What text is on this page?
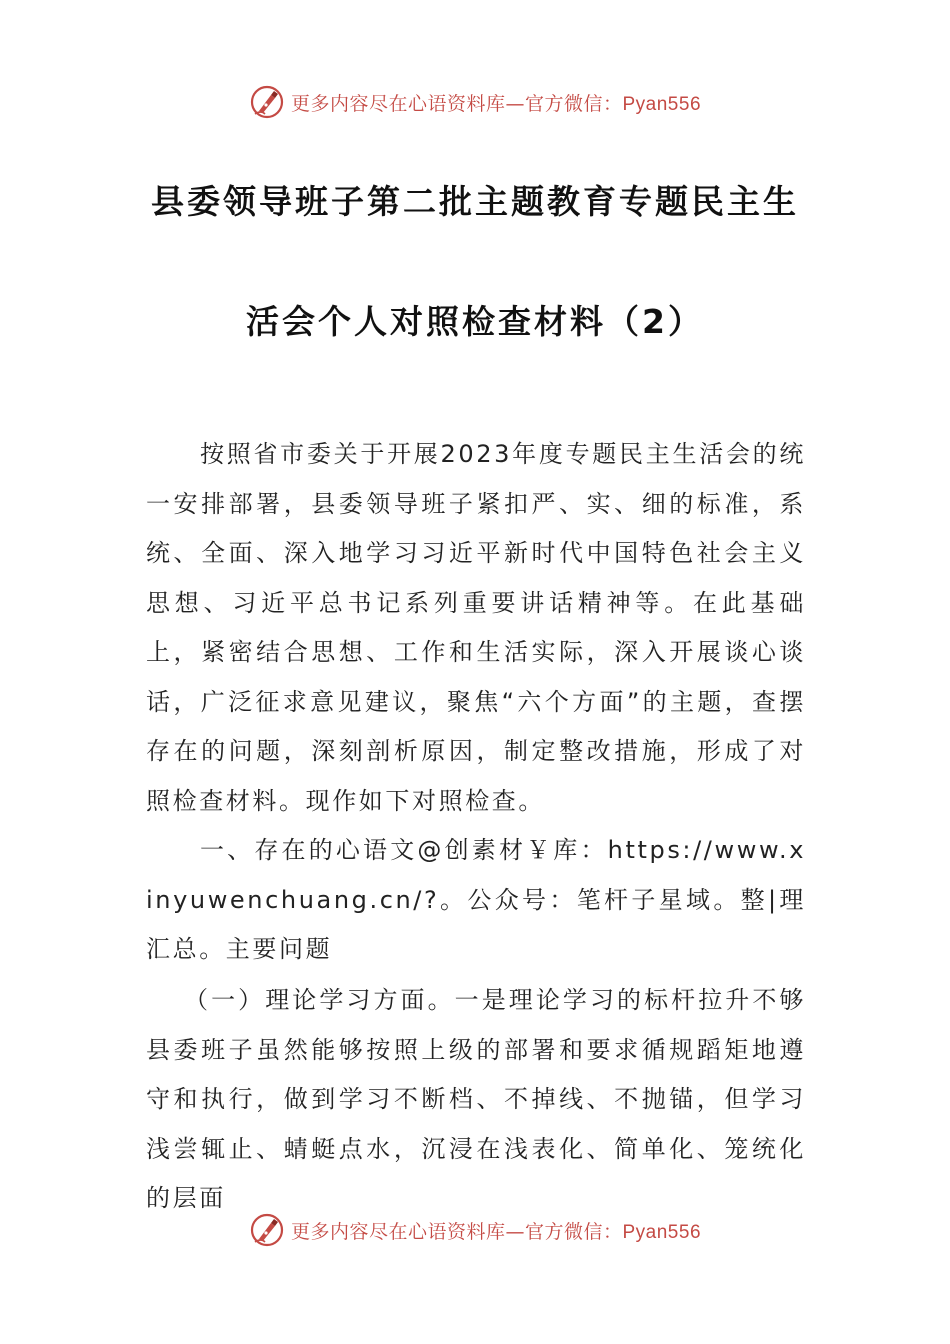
更多内容尽在心语资料库—官方微信：Pyan556
县委领导班子第二批主题教育专题民主生
活会个人对照检查材料（2）

按照省市委关于开展2023年度专题民主生活会的统一安排部署，县委领导班子紧扣严、实、细的标准，系统、全面、深入地学习习近平新时代中国特色社会主义思想、习近平总书记系列重要讲话精神等。在此基础上，紧密结合思想、工作和生活实际，深入开展谈心谈话，广泛征求意见建议，聚焦“六个方面”的主题，查摆存在的问题，深刻剖析原因，制定整改措施，形成了对照检查材料。现作如下对照检查。

一、存在的心语文@创素材￥库：https://www.xinyuwenchuang.cn/?。公众号：笔杆子星域。整|理汇总。主要问题

（一）理论学习方面。一是理论学习的标杆拉升不够县委班子虽然能够按照上级的部署和要求循规蹈矩地遵守和执行，做到学习不断档、不掉线、不抛锚，但学习浅尝辄止、蜻蜓点水，沉浸在浅表化、简单化、笼统化的层面

更多内容尽在心语资料库—官方微信：Pyan556
